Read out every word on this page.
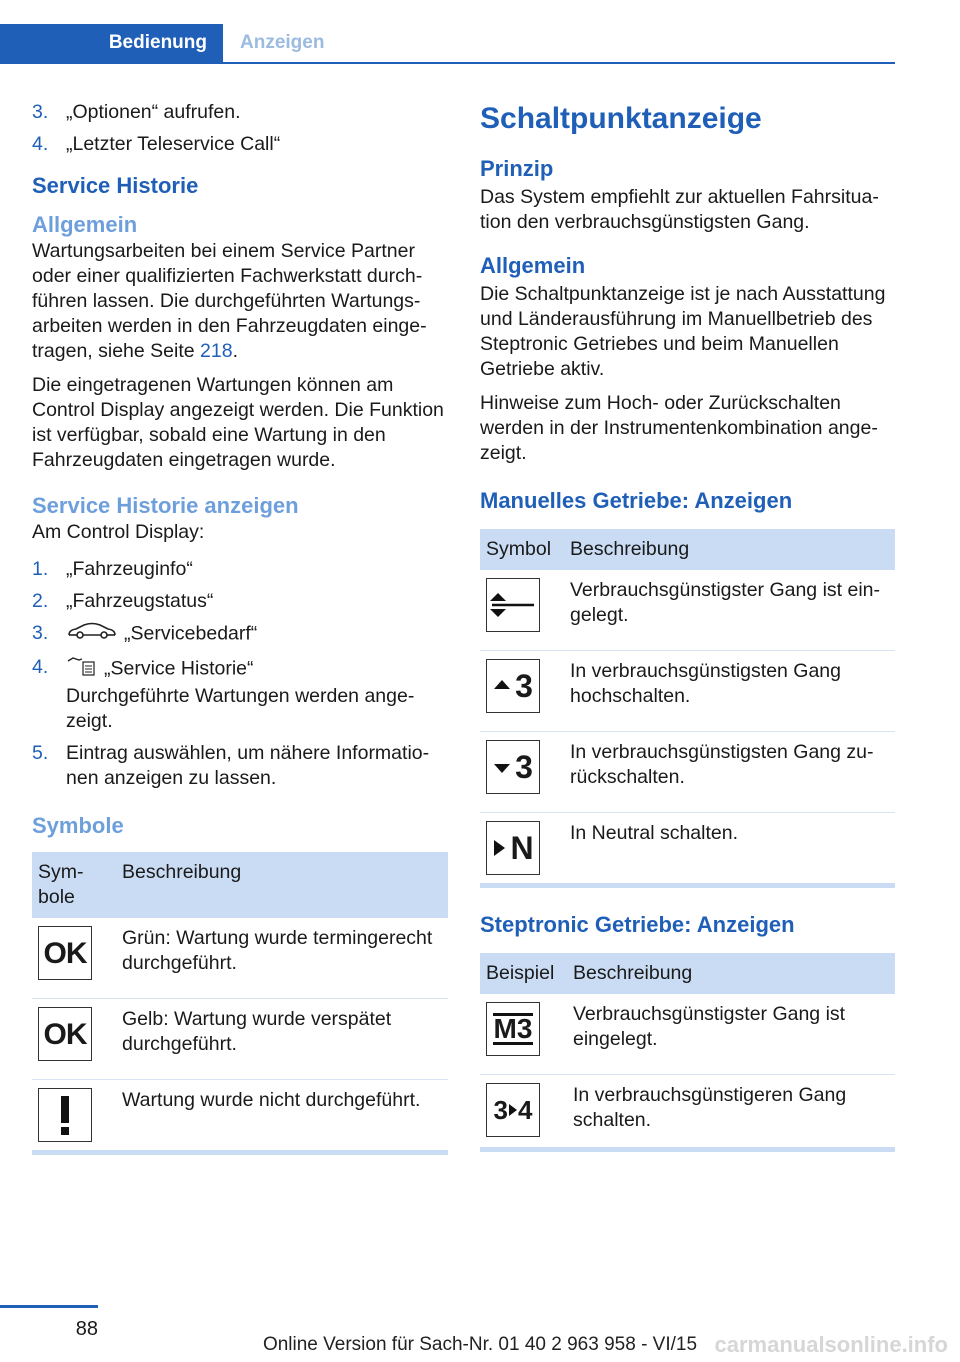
Bedienung	Anzeigen
3. „Optionen“ aufrufen.
4. „Letzter Teleservice Call“
Service Historie
Allgemein

Wartungsarbeiten bei einem Service Partner oder einer qualifizierten Fachwerkstatt durchführen lassen. Die durchgeführten Wartungsarbeiten werden in den Fahrzeugdaten eingetragen, siehe Seite 218.

Die eingetragenen Wartungen können am Control Display angezeigt werden. Die Funktion ist verfügbar, sobald eine Wartung in den Fahrzeugdaten eingetragen wurde.

Service Historie anzeigen

Am Control Display:

1. „Fahrzeuginfo“
2. „Fahrzeugstatus“
3.	„Servicebedarf“
4.	„Service Historie“
Durchgeführte Wartungen werden angezeigt.
5. Eintrag auswählen, um nähere Informationen anzeigen zu lassen.
Symbole
Symbole	Beschreibung

OK	Grün: Wartung wurde termingerecht durchgeführt.

OK	Gelb: Wartung wurde verspätet durchgeführt.

	Wartung wurde nicht durchgeführt.
Schaltpunktanzeige
Prinzip

Das System empfiehlt zur aktuellen Fahrsituation den verbrauchsgünstigsten Gang.

Allgemein

Die Schaltpunktanzeige ist je nach Ausstattung und Länderausführung im Manuellbetrieb des Steptronic Getriebes und beim Manuellen Getriebe aktiv.

Hinweise zum Hoch- oder Zurückschalten werden in der Instrumentenkombination angezeigt.

Manuelles Getriebe: Anzeigen
Symbol	Beschreibung

	Verbrauchsgünstigster Gang ist eingelegt.

3	In verbrauchsgünstigsten Gang hochschalten.

3	In verbrauchsgünstigsten Gang zurückschalten.

N	In Neutral schalten.
Steptronic Getriebe: Anzeigen
Beispiel	Beschreibung

M3	Verbrauchsgünstigster Gang ist eingelegt.

3 4	In verbrauchsgünstigeren Gang schalten.
88
Online Version für Sach-Nr. 01 40 2 963 958 - VI/15 carmanualsonline.info
